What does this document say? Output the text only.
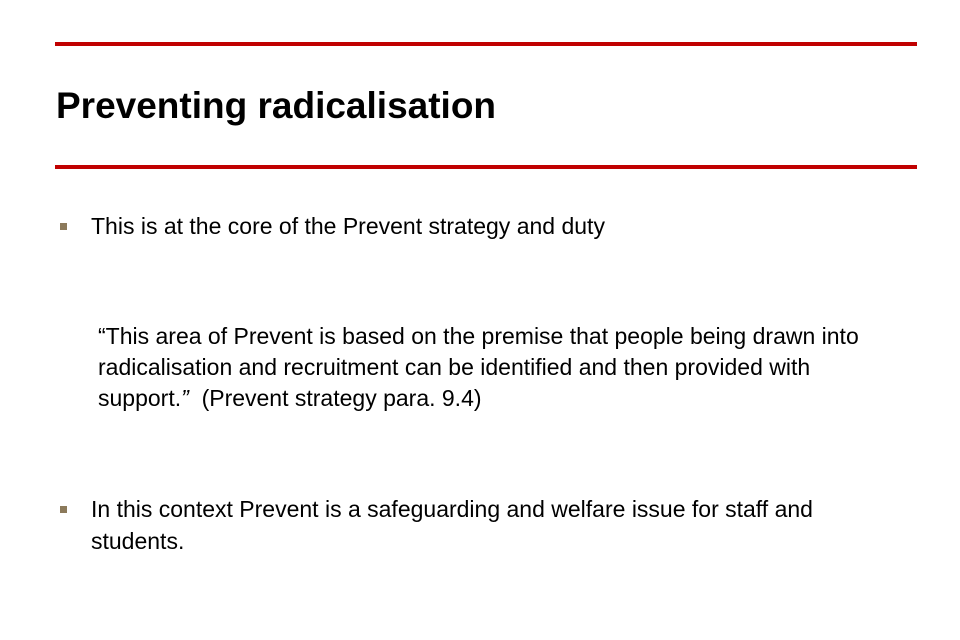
Preventing radicalisation
This is at the core of the Prevent strategy and duty
“This area of Prevent is based on the premise that people being drawn into radicalisation and recruitment can be identified and then provided with support.” (Prevent strategy para. 9.4)
In this context Prevent is a safeguarding and welfare issue for staff and students.
